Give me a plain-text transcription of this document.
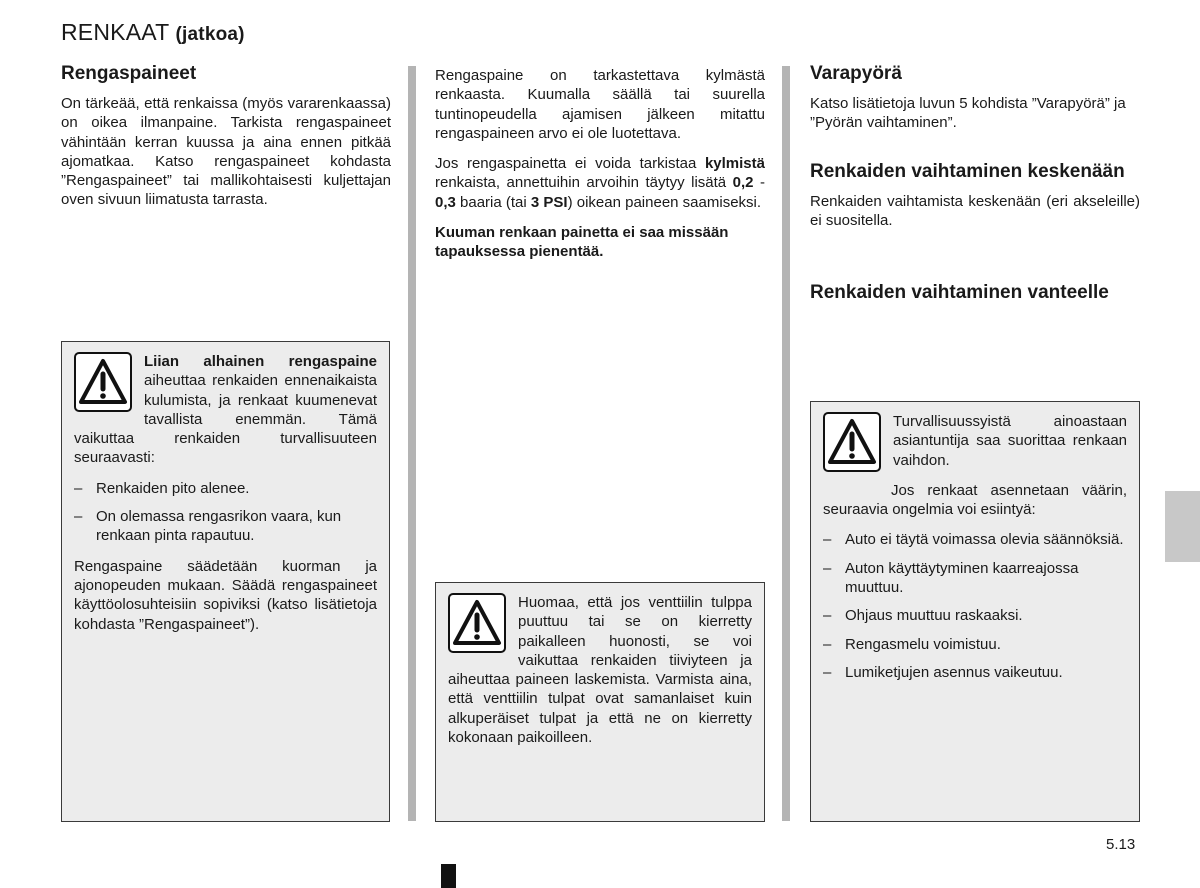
RENKAAT (jatkoa)
Rengaspaineet

On tärkeää, että renkaissa (myös vararenkaassa) on oikea ilmanpaine. Tarkista rengaspaineet vähintään kerran kuussa ja aina ennen pitkää ajomatkaa. Katso rengaspaineet kohdasta ”Rengaspaineet” tai mallikohtaisesti kuljettajan oven sivuun liimatusta tarrasta.

Liian alhainen rengaspaine aiheuttaa renkaiden ennenaikaista kulumista, ja renkaat kuumenevat tavallista enemmän. Tämä vaikuttaa renkaiden turvallisuuteen seuraavasti:

– Renkaiden pito alenee.
– On olemassa rengasrikon vaara, kun renkaan pinta rapautuu.

Rengaspaine säädetään kuorman ja ajonopeuden mukaan. Säädä rengaspaineet käyttöolosuhteisiin sopiviksi (katso lisätietoja kohdasta ”Rengaspaineet”).

Rengaspaine on tarkastettava kylmästä renkaasta. Kuumalla säällä tai suurella tuntinopeudella ajamisen jälkeen mitattu rengaspaineen arvo ei ole luotettava.

Jos rengaspainetta ei voida tarkistaa kylmistä renkaista, annettuihin arvoihin täytyy lisätä 0,2 - 0,3 baaria (tai 3 PSI) oikean paineen saamiseksi.

Kuuman renkaan painetta ei saa missään tapauksessa pienentää.

Huomaa, että jos venttiilin tulppa puuttuu tai se on kierretty paikalleen huonosti, se voi vaikuttaa renkaiden tiiviyteen ja aiheuttaa paineen laskemista. Varmista aina, että venttiilin tulpat ovat samanlaiset kuin alkuperäiset tulpat ja että ne on kierretty kokonaan paikoilleen.

Varapyörä

Katso lisätietoja luvun 5 kohdista ”Varapyörä” ja ”Pyörän vaihtaminen”.

Renkaiden vaihtaminen keskenään

Renkaiden vaihtamista keskenään (eri akseleille) ei suositella.

Renkaiden vaihtaminen vanteelle

Turvallisuussyistä ainoastaan asiantuntija saa suorittaa renkaan vaihdon.

Jos renkaat asennetaan väärin, seuraavia ongelmia voi esiintyä:

– Auto ei täytä voimassa olevia säännöksiä.
– Auton käyttäytyminen kaarreajossa muuttuu.
– Ohjaus muuttuu raskaaksi.
– Rengasmelu voimistuu.
– Lumiketjujen asennus vaikeutuu.
5.13
